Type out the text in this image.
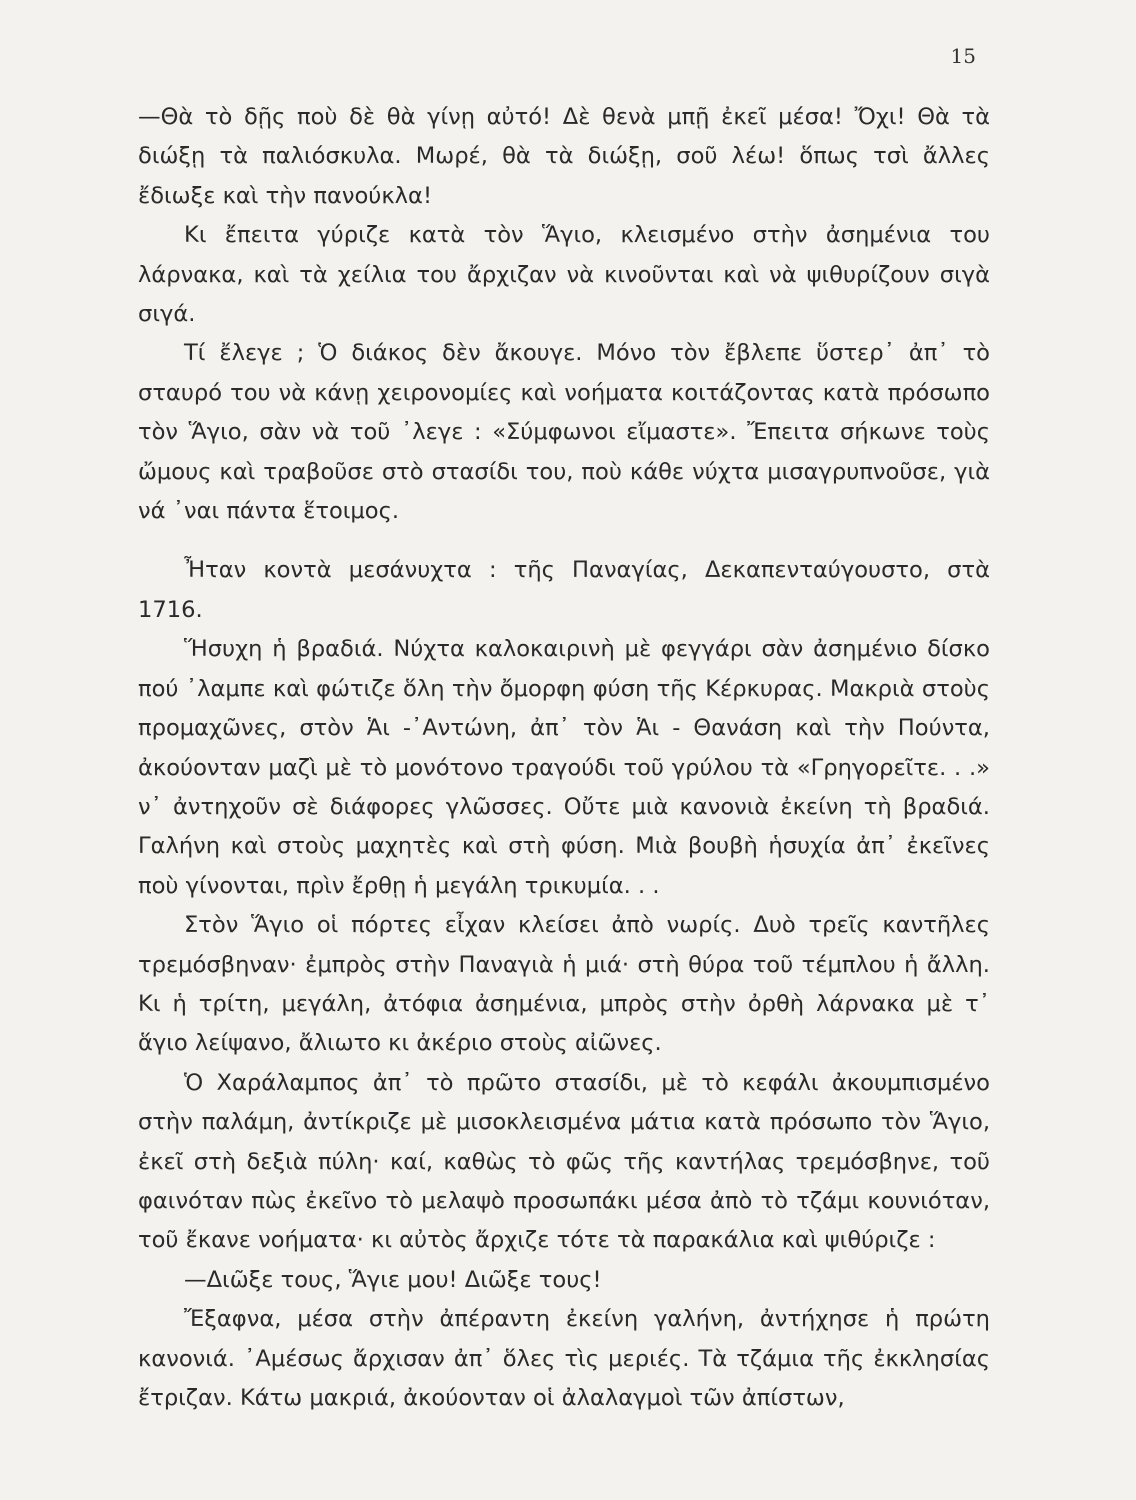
15

—Θὰ τὸ δῇς ποὺ δὲ θὰ γίνῃ αὐτό! Δὲ θενὰ μπῇ ἐκεῖ μέσα! Ὄχι! Θὰ τὰ διώξῃ τὰ παλιόσκυλα. Μωρέ, θὰ τὰ διώξῃ, σοῦ λέω! ὅπως τσὶ ἄλλες ἔδιωξε καὶ τὴν πανούκλα!

Κι ἔπειτα γύριζε κατὰ τὸν Ἅγιο, κλεισμένο στὴν ἀσημένια του λάρνακα, καὶ τὰ χείλια του ἄρχιζαν νὰ κινοῦνται καὶ νὰ ψιθυρίζουν σιγὰ σιγά.

Τί ἔλεγε ; Ὁ διάκος δὲν ἄκουγε. Μόνο τὸν ἔβλεπε ὕστερ᾽ ἀπ᾽ τὸ σταυρό του νὰ κάνῃ χειρονομίες καὶ νοήματα κοιτάζοντας κατὰ πρόσωπο τὸν Ἅγιο, σὰν νὰ τοῦ ᾽λεγε : «Σύμφωνοι εἴμαστε». Ἔπειτα σήκωνε τοὺς ὤμους καὶ τραβοῦσε στὸ στασίδι του, ποὺ κάθε νύχτα μισαγρυπνοῦσε, γιὰ νά ᾽ναι πάντα ἕτοιμος.

Ἦταν κοντὰ μεσάνυχτα : τῆς Παναγίας, Δεκαπενταύγουστο, στὰ 1716.

Ἥσυχη ἡ βραδιά. Νύχτα καλοκαιρινὴ μὲ φεγγάρι σὰν ἀσημένιο δίσκο πού ᾽λαμπε καὶ φώτιζε ὅλη τὴν ὄμορφη φύση τῆς Κέρκυρας. Μακριὰ στοὺς προμαχῶνες, στὸν Ἁι -᾽Αντώνη, ἀπ᾽ τὸν Ἁι - Θανάση καὶ τὴν Πούντα, ἀκούονταν μαζὶ μὲ τὸ μονότονο τραγούδι τοῦ γρύλου τὰ «Γρηγορεῖτε. . .» ν᾽ ἀντηχοῦν σὲ διάφορες γλῶσσες. Οὔτε μιὰ κανονιὰ ἐκείνη τὴ βραδιά. Γαλήνη καὶ στοὺς μαχητὲς καὶ στὴ φύση. Μιὰ βουβὴ ἡσυχία ἀπ᾽ ἐκεῖνες ποὺ γίνονται, πρὶν ἔρθῃ ἡ μεγάλη τρικυμία. . .

Στὸν Ἅγιο οἱ πόρτες εἶχαν κλείσει ἀπὸ νωρίς. Δυὸ τρεῖς καντῆλες τρεμόσβηναν· ἐμπρὸς στὴν Παναγιὰ ἡ μιά· στὴ θύρα τοῦ τέμπλου ἡ ἄλλη. Κι ἡ τρίτη, μεγάλη, ἀτόφια ἀσημένια, μπρὸς στὴν ὀρθὴ λάρνακα μὲ τ᾽ ἅγιο λείψανο, ἄλιωτο κι ἀκέριο στοὺς αἰῶνες.

Ὁ Χαράλαμπος ἀπ᾽ τὸ πρῶτο στασίδι, μὲ τὸ κεφάλι ἀκουμπισμένο στὴν παλάμη, ἀντίκριζε μὲ μισοκλεισμένα μάτια κατὰ πρόσωπο τὸν Ἅγιο, ἐκεῖ στὴ δεξιὰ πύλη· καί, καθὼς τὸ φῶς τῆς καντήλας τρεμόσβηνε, τοῦ φαινόταν πὼς ἐκεῖνο τὸ μελαψὸ προσωπάκι μέσα ἀπὸ τὸ τζάμι κουνιόταν, τοῦ ἔκανε νοήματα· κι αὐτὸς ἄρχιζε τότε τὰ παρακάλια καὶ ψιθύριζε :

—Διῶξε τους, Ἅγιε μου! Διῶξε τους!

Ἔξαφνα, μέσα στὴν ἀπέραντη ἐκείνη γαλήνη, ἀντήχησε ἡ πρώτη κανονιά. ᾽Αμέσως ἄρχισαν ἀπ᾽ ὅλες τὶς μεριές. Τὰ τζάμια τῆς ἐκκλησίας ἔτριζαν. Κάτω μακριά, ἀκούονταν οἱ ἀλαλαγμοὶ τῶν ἀπίστων,
